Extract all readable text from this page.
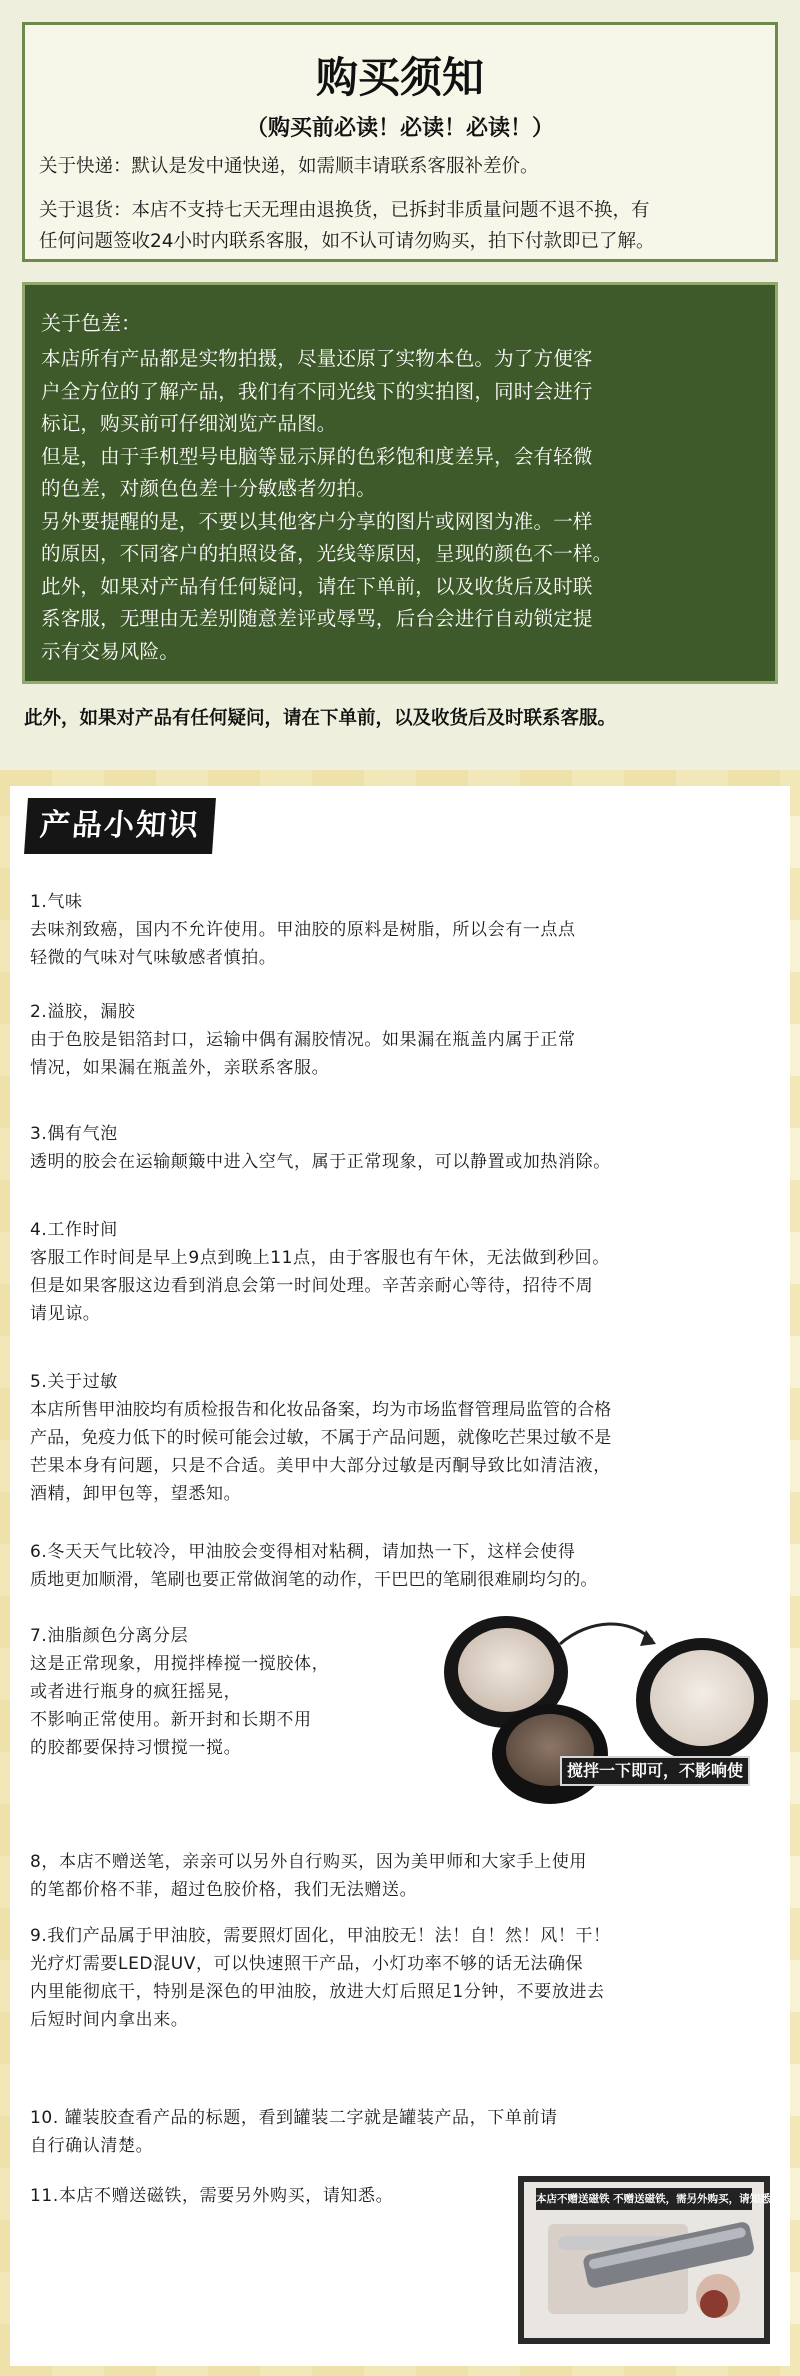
购买须知
（购买前必读！必读！必读！）
关于快递：默认是发中通快递，如需顺丰请联系客服补差价。
关于退货：本店不支持七天无理由退换货，已拆封非质量问题不退不换，有
任何问题签收24小时内联系客服，如不认可请勿购买，拍下付款即已了解。
关于色差：
本店所有产品都是实物拍摄，尽量还原了实物本色。为了方便客
户全方位的了解产品，我们有不同光线下的实拍图，同时会进行
标记，购买前可仔细浏览产品图。
但是，由于手机型号电脑等显示屏的色彩饱和度差异，会有轻微
的色差，对颜色色差十分敏感者勿拍。
另外要提醒的是，不要以其他客户分享的图片或网图为准。一样
的原因，不同客户的拍照设备，光线等原因，呈现的颜色不一样。
此外，如果对产品有任何疑问，请在下单前，以及收货后及时联
系客服，无理由无差别随意差评或辱骂，后台会进行自动锁定提
示有交易风险。
此外，如果对产品有任何疑问，请在下单前，以及收货后及时联系客服。
产品小知识
1.气味
去味剂致癌，国内不允许使用。甲油胶的原料是树脂，所以会有一点点
轻微的气味对气味敏感者慎拍。
2.溢胶，漏胶
由于色胶是铝箔封口，运输中偶有漏胶情况。如果漏在瓶盖内属于正常
情况，如果漏在瓶盖外，亲联系客服。
3.偶有气泡
透明的胶会在运输颠簸中进入空气，属于正常现象，可以静置或加热消除。
4.工作时间
客服工作时间是早上9点到晚上11点，由于客服也有午休，无法做到秒回。
但是如果客服这边看到消息会第一时间处理。辛苦亲耐心等待，招待不周
请见谅。
5.关于过敏
本店所售甲油胶均有质检报告和化妆品备案，均为市场监督管理局监管的合格
产品，免疫力低下的时候可能会过敏，不属于产品问题，就像吃芒果过敏不是
芒果本身有问题，只是不合适。美甲中大部分过敏是丙酮导致比如清洁液，
酒精，卸甲包等，望悉知。
6.冬天天气比较冷，甲油胶会变得相对粘稠，请加热一下，这样会使得
质地更加顺滑，笔刷也要正常做润笔的动作，干巴巴的笔刷很难刷均匀的。
7.油脂颜色分离分层
这是正常现象，用搅拌棒搅一搅胶体，
或者进行瓶身的疯狂摇晃，
不影响正常使用。新开封和长期不用
的胶都要保持习惯搅一搅。
搅拌一下即可，不影响使用。
8，本店不赠送笔，亲亲可以另外自行购买，因为美甲师和大家手上使用
的笔都价格不菲，超过色胶价格，我们无法赠送。
9.我们产品属于甲油胶，需要照灯固化，甲油胶无！法！自！然！风！干！
光疗灯需要LED混UV，可以快速照干产品，小灯功率不够的话无法确保
内里能彻底干，特别是深色的甲油胶，放进大灯后照足1分钟，不要放进去
后短时间内拿出来。
10. 罐装胶查看产品的标题，看到罐装二字就是罐装产品，下单前请
自行确认清楚。
11.本店不赠送磁铁，需要另外购买，请知悉。	本店不赠送磁铁 不赠送磁铁，需另外购买，请知悉。
